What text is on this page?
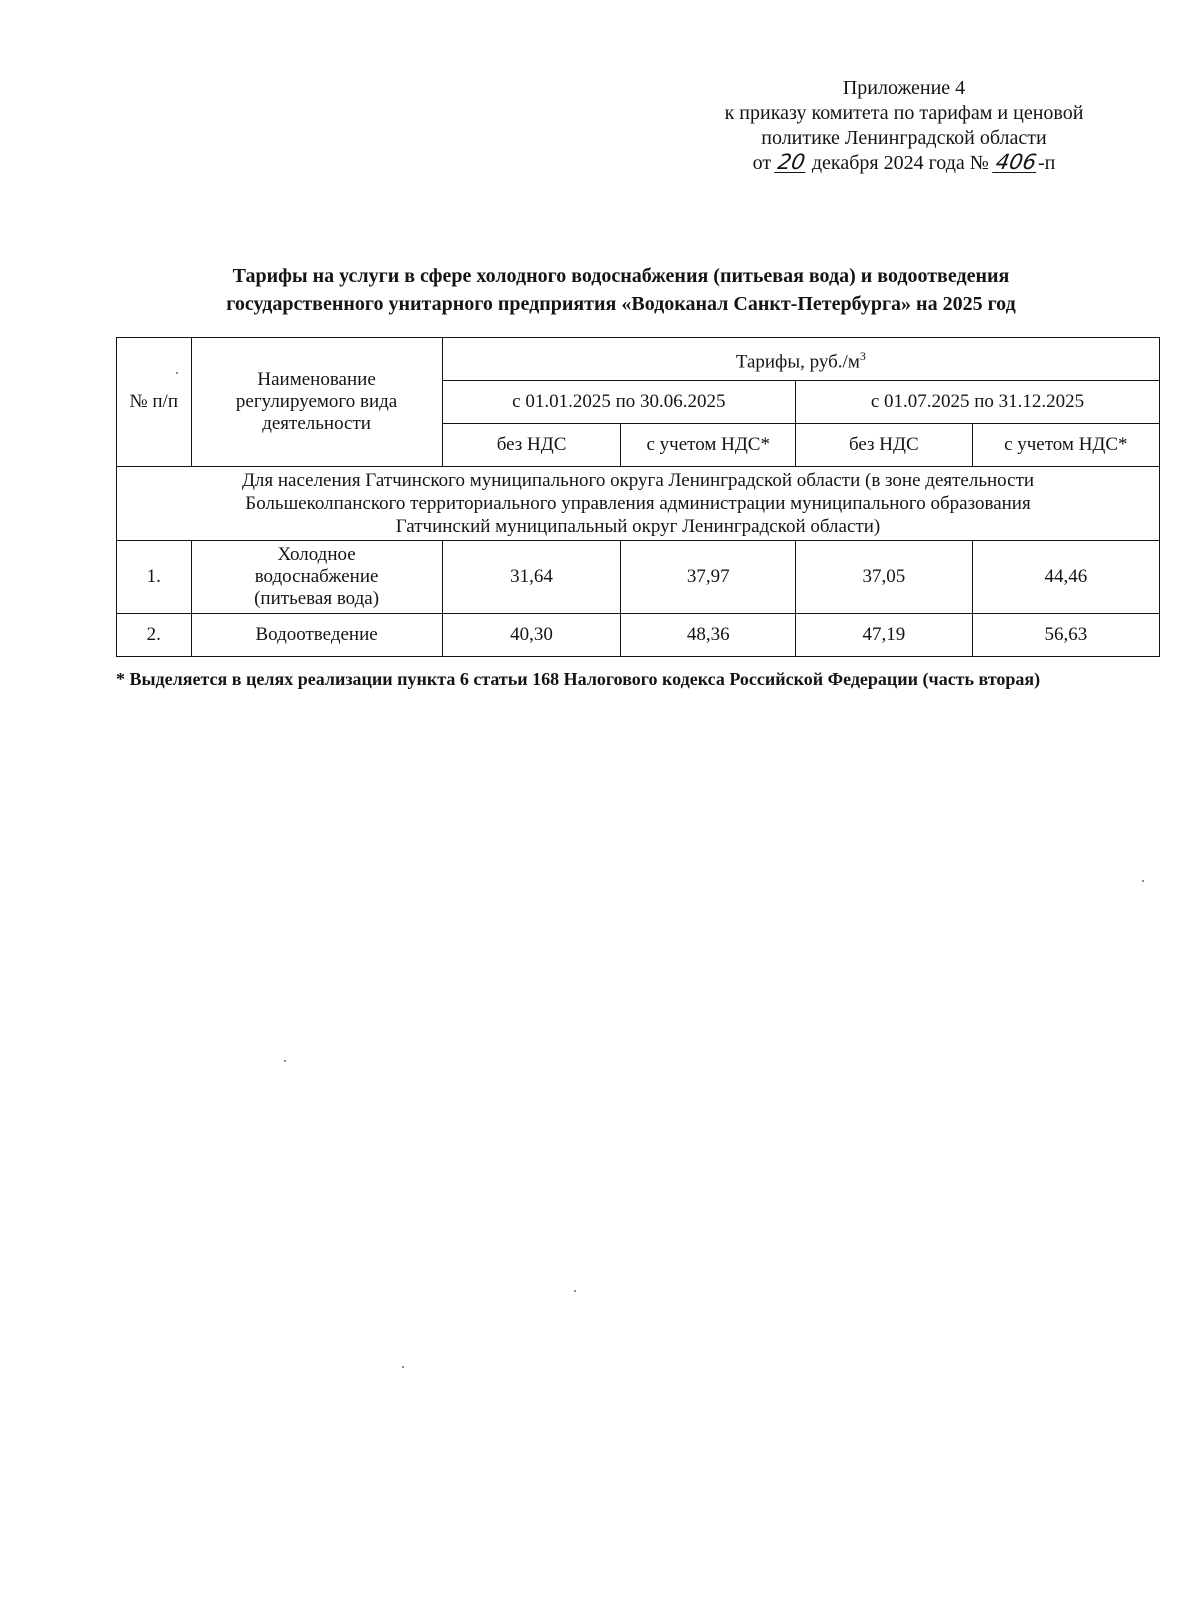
Приложение 4
к приказу комитета по тарифам и ценовой
политике Ленинградской области
от 20 декабря 2024 года № 406-п
Тарифы на услуги в сфере холодного водоснабжения (питьевая вода) и водоотведения
государственного унитарного предприятия «Водоканал Санкт-Петербурга» на 2025 год
№ п/п	Наименование
регулируемого вида
деятельности	Тарифы, $руб./м^3$
		с 01.01.2025 по 30.06.2025		с 01.07.2025 по 31.12.2025	
		без НДС	с учетом НДС*	без НДС	с учетом НДС*

Для населения Гатчинского муниципального округа Ленинградской области (в зоне деятельности
Большеколпанского территориального управления администрации муниципального образования
Гатчинский муниципальный округ Ленинградской области)					

1.	Холодное
водоснабжение
(питьевая вода)	31,64	37,97	37,05	44,46
2.	Водоотведение	40,30	48,36	47,19	56,63
* Выделяется в целях реализации пункта 6 статьи 168 Налогового кодекса Российской Федерации (часть вторая)
